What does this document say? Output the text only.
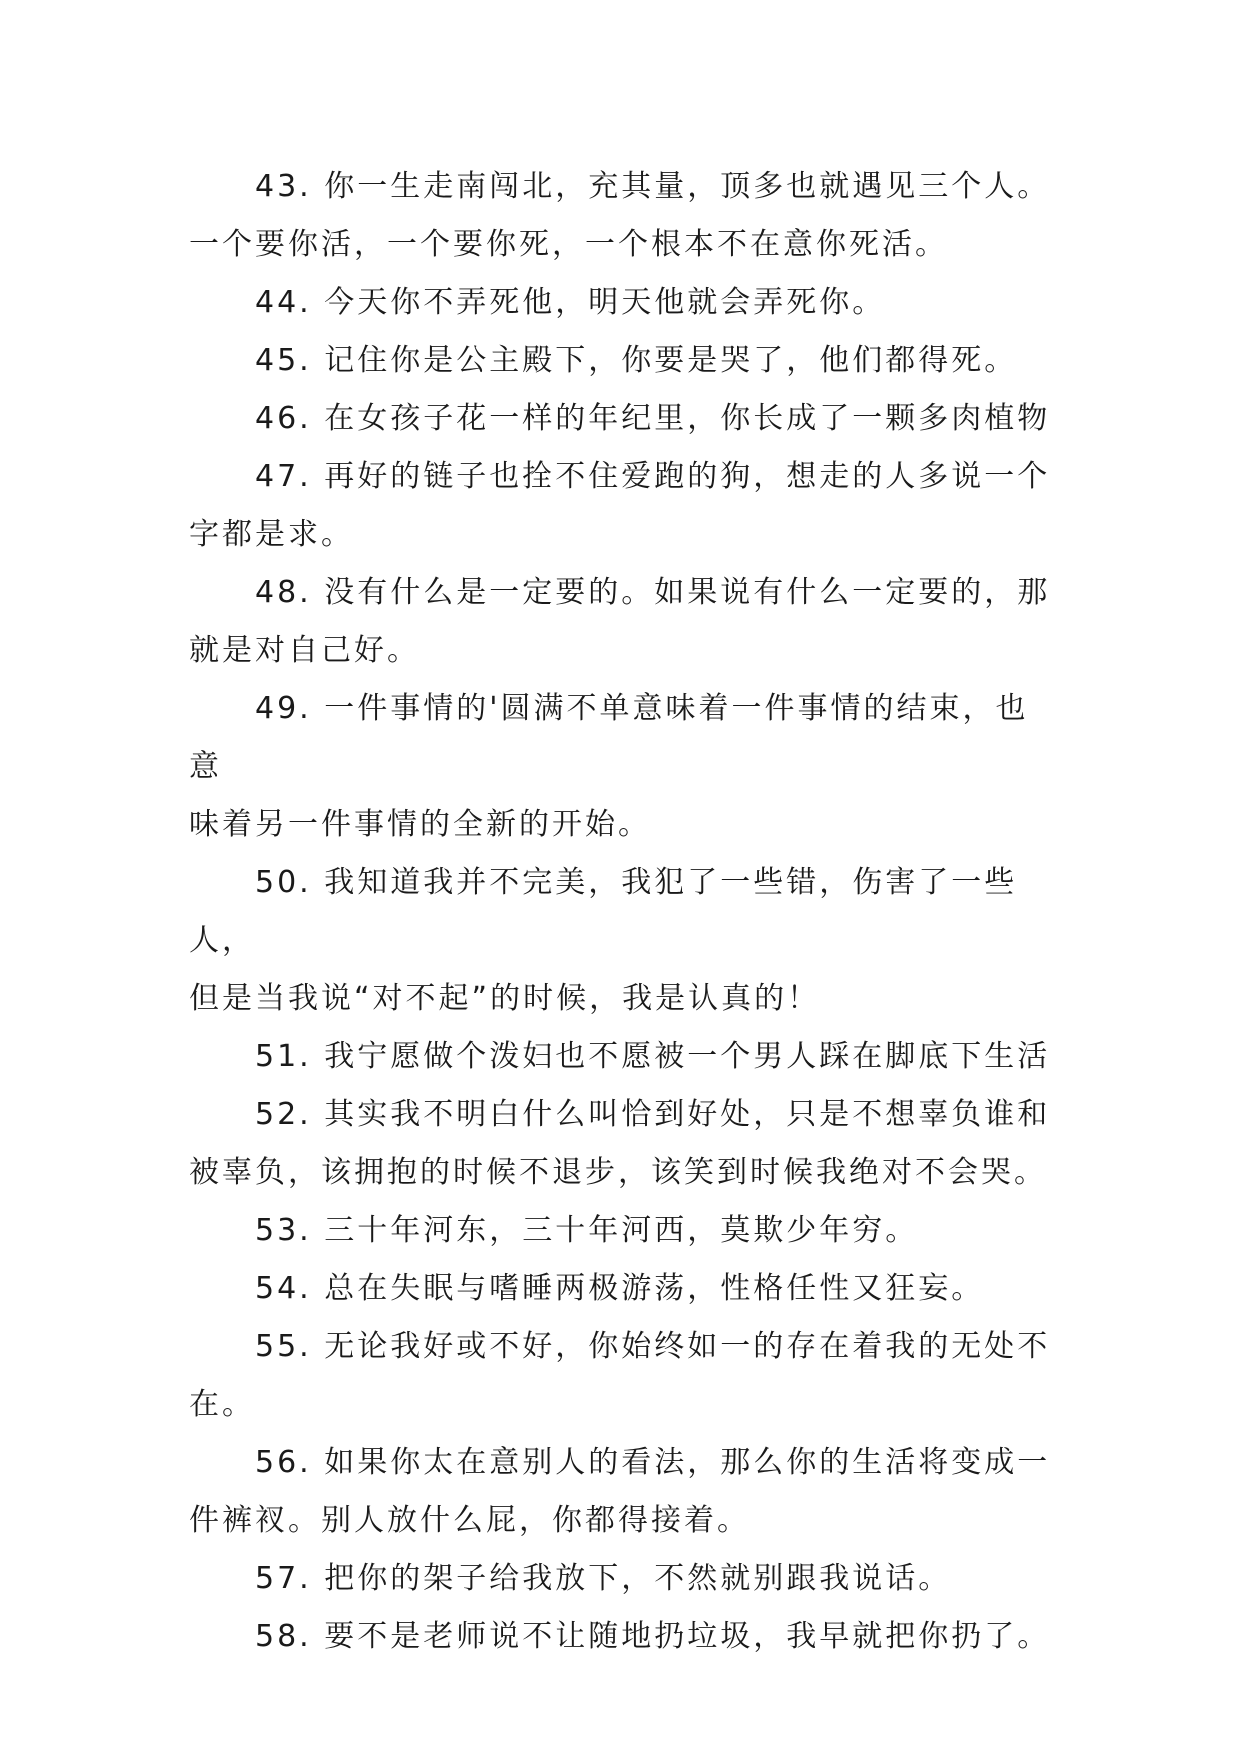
43. 你一生走南闯北，充其量，顶多也就遇见三个人。
一个要你活，一个要你死，一个根本不在意你死活。

44. 今天你不弄死他，明天他就会弄死你。

45. 记住你是公主殿下，你要是哭了，他们都得死。

46. 在女孩子花一样的年纪里，你长成了一颗多肉植物

47. 再好的链子也拴不住爱跑的狗，想走的人多说一个
字都是求。

48. 没有什么是一定要的。如果说有什么一定要的，那
就是对自己好。

49. 一件事情的'圆满不单意味着一件事情的结束，也意
味着另一件事情的全新的开始。

50. 我知道我并不完美，我犯了一些错，伤害了一些人，
但是当我说“对不起”的时候，我是认真的！

51. 我宁愿做个泼妇也不愿被一个男人踩在脚底下生活

52. 其实我不明白什么叫恰到好处，只是不想辜负谁和
被辜负，该拥抱的时候不退步，该笑到时候我绝对不会哭。

53. 三十年河东，三十年河西，莫欺少年穷。

54. 总在失眠与嗜睡两极游荡，性格任性又狂妄。

55. 无论我好或不好，你始终如一的存在着我的无处不
在。

56. 如果你太在意别人的看法，那么你的生活将变成一
件裤衩。别人放什么屁，你都得接着。

57. 把你的架子给我放下，不然就别跟我说话。

58. 要不是老师说不让随地扔垃圾，我早就把你扔了。
